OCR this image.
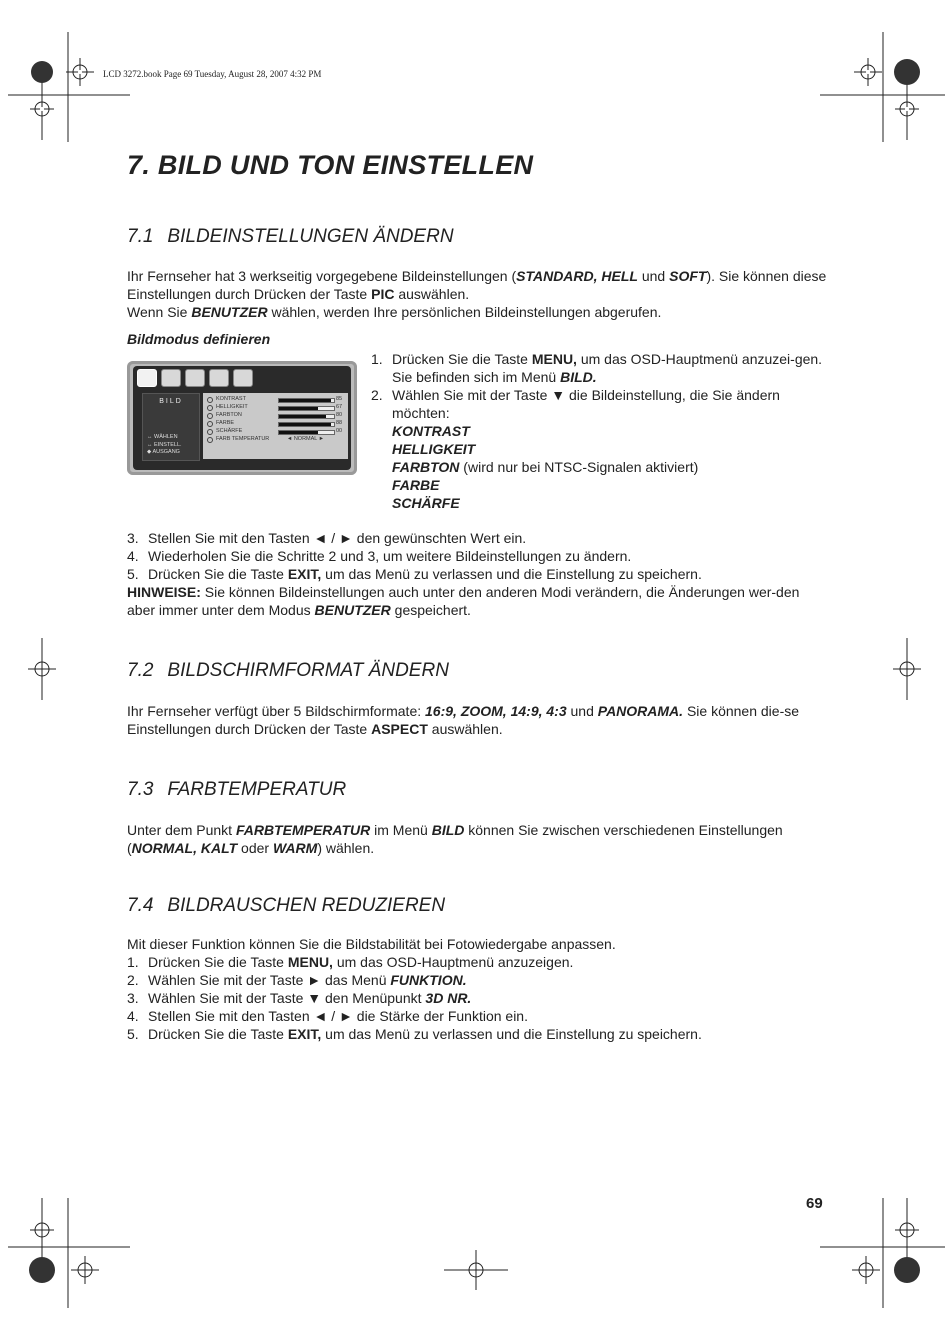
LCD 3272.book Page 69 Tuesday, August 28, 2007 4:32 PM
7. BILD UND TON EINSTELLEN
7.1 BILDEINSTELLUNGEN ÄNDERN

Ihr Fernseher hat 3 werkseitig vorgegebene Bildeinstellungen (STANDARD, HELL und SOFT). Sie können diese Einstellungen durch Drücken der Taste PIC auswählen.
Wenn Sie BENUTZER wählen, werden Ihre persönlichen Bildeinstellungen abgerufen.

Bildmodus definieren

BILD
↔ WÄHLEN
↔ EINSTELL.
◆ AUSGANG
KONTRAST	85
HELLIGKEIT	67
FARBTON	80
FARBE	88
SCHÄRFE	00
FARB TEMPERATUR	◄ NORMAL ►
1. Drücken Sie die Taste MENU, um das OSD-Hauptmenü anzuzei-gen.
Sie befinden sich im Menü BILD.
2. Wählen Sie mit der Taste ▼ die Bildeinstellung, die Sie ändern möchten:
KONTRAST
HELLIGKEIT
FARBTON (wird nur bei NTSC-Signalen aktiviert)
FARBE
SCHÄRFE
3. Stellen Sie mit den Tasten ◄ / ► den gewünschten Wert ein.
4. Wiederholen Sie die Schritte 2 und 3, um weitere Bildeinstellungen zu ändern.
5. Drücken Sie die Taste EXIT, um das Menü zu verlassen und die Einstellung zu speichern.

HINWEISE: Sie können Bildeinstellungen auch unter den anderen Modi verändern, die Änderungen wer-den aber immer unter dem Modus BENUTZER gespeichert.

7.2 BILDSCHIRMFORMAT ÄNDERN

Ihr Fernseher verfügt über 5 Bildschirmformate: 16:9, ZOOM, 14:9, 4:3 und PANORAMA. Sie können die-se Einstellungen durch Drücken der Taste ASPECT auswählen.

7.3 FARBTEMPERATUR

Unter dem Punkt FARBTEMPERATUR im Menü BILD können Sie zwischen verschiedenen Einstellungen (NORMAL, KALT oder WARM) wählen.

7.4 BILDRAUSCHEN REDUZIEREN

Mit dieser Funktion können Sie die Bildstabilität bei Fotowiedergabe anpassen.

1. Drücken Sie die Taste MENU, um das OSD-Hauptmenü anzuzeigen.
2. Wählen Sie mit der Taste ► das Menü FUNKTION.
3. Wählen Sie mit der Taste ▼ den Menüpunkt 3D NR.
4. Stellen Sie mit den Tasten ◄ / ► die Stärke der Funktion ein.
5. Drücken Sie die Taste EXIT, um das Menü zu verlassen und die Einstellung zu speichern.
69
